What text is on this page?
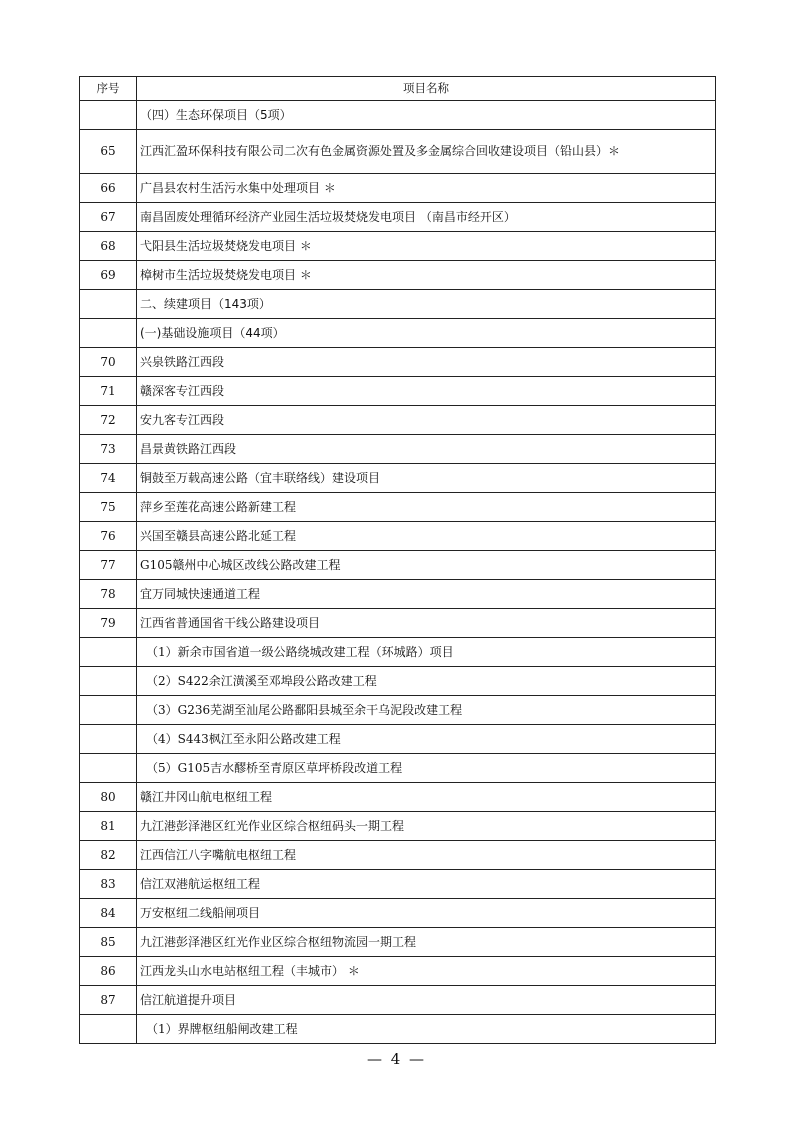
序号	项目名称
	（四）生态环保项目（5项）
65	江西汇盈环保科技有限公司二次有色金属资源处置及多金属综合回收建设项目（铅山县）＊
66	广昌县农村生活污水集中处理项目 ＊
67	南昌固废处理循环经济产业园生活垃圾焚烧发电项目 （南昌市经开区）
68	弋阳县生活垃圾焚烧发电项目 ＊
69	樟树市生活垃圾焚烧发电项目 ＊
	二、续建项目（143项）
	(一)基础设施项目（44项）
70	兴泉铁路江西段
71	赣深客专江西段
72	安九客专江西段
73	昌景黄铁路江西段
74	铜鼓至万载高速公路（宜丰联络线）建设项目
75	萍乡至莲花高速公路新建工程
76	兴国至赣县高速公路北延工程
77	G105赣州中心城区改线公路改建工程
78	宜万同城快速通道工程
79	江西省普通国省干线公路建设项目
	（1）新余市国省道一级公路绕城改建工程（环城路）项目
	（2）S422余江潢溪至邓埠段公路改建工程
	（3）G236芜湖至汕尾公路鄱阳县城至余干乌泥段改建工程
	（4）S443枫江至永阳公路改建工程
	（5）G105吉水醪桥至青原区草坪桥段改道工程
80	赣江井冈山航电枢纽工程
81	九江港彭泽港区红光作业区综合枢纽码头一期工程
82	江西信江八字嘴航电枢纽工程
83	信江双港航运枢纽工程
84	万安枢纽二线船闸项目
85	九江港彭泽港区红光作业区综合枢纽物流园一期工程
86	江西龙头山水电站枢纽工程（丰城市） ＊
87	信江航道提升项目
	（1）界牌枢纽船闸改建工程
— 4 —
